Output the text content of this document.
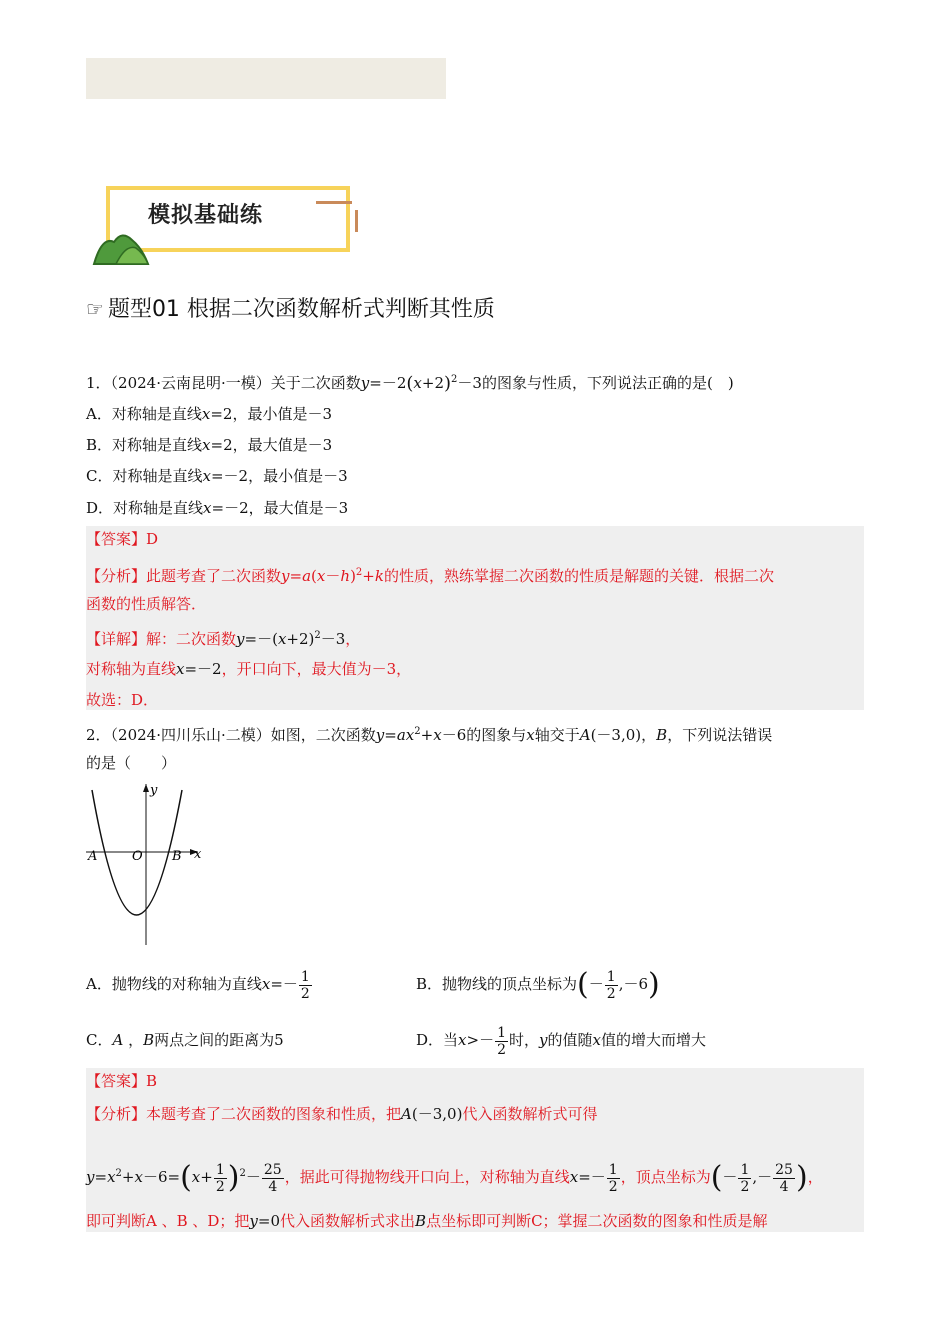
模拟基础练
☞ 题型01 根据二次函数解析式判断其性质
1．（2024·云南昆明·一模）关于二次函数$y=-2(x+2)^2-3$的图象与性质，下列说法正确的是(　)
A．对称轴是直线x=2，最小值是－3
B．对称轴是直线x=2，最大值是－3
C．对称轴是直线x=－2，最小值是－3
D．对称轴是直线x=－2，最大值是－3
【答案】D
【分析】此题考查了二次函数$y=a(x-h)^2+k$的性质，熟练掌握二次函数的性质是解题的关键．根据二次
函数的性质解答．
【详解】解：二次函数$y=-(x+2)^2-3$，
对称轴为直线x=－2，开口向下，最大值为－3，
故选：D．
2．（2024·四川乐山·二模）如图，二次函数$y=ax^2+x-6$的图象与x轴交于A(－3,0)，B，下列说法错误
的是（　　）
y
x
A	O B
A．抛物线的对称轴为直线$x=- \frac{1}{2}$	B．抛物线的顶点坐标为(－ $\frac{1}{2} ,-6$)
C．A ，B两点之间的距离为5	D．当$x>- \frac{1}{2}$ 时，y的值随x值的增大而增大
【答案】B
【分析】本题考查了二次函数的图象和性质，把A(－3,0)代入函数解析式可得
$y=x^2+x-6=(x+ \frac{1}{2} )^2- \frac{25}{4}$ ，据此可得抛物线开口向上，对称轴为直线$x=- \frac{1}{2}$ ，顶点坐标为(－ $\frac{1}{2}$ ,－ $\frac{25}{4}$ )，
即可判断A 、B 、D；把y=0代入函数解析式求出B点坐标即可判断C；掌握二次函数的图象和性质是解
